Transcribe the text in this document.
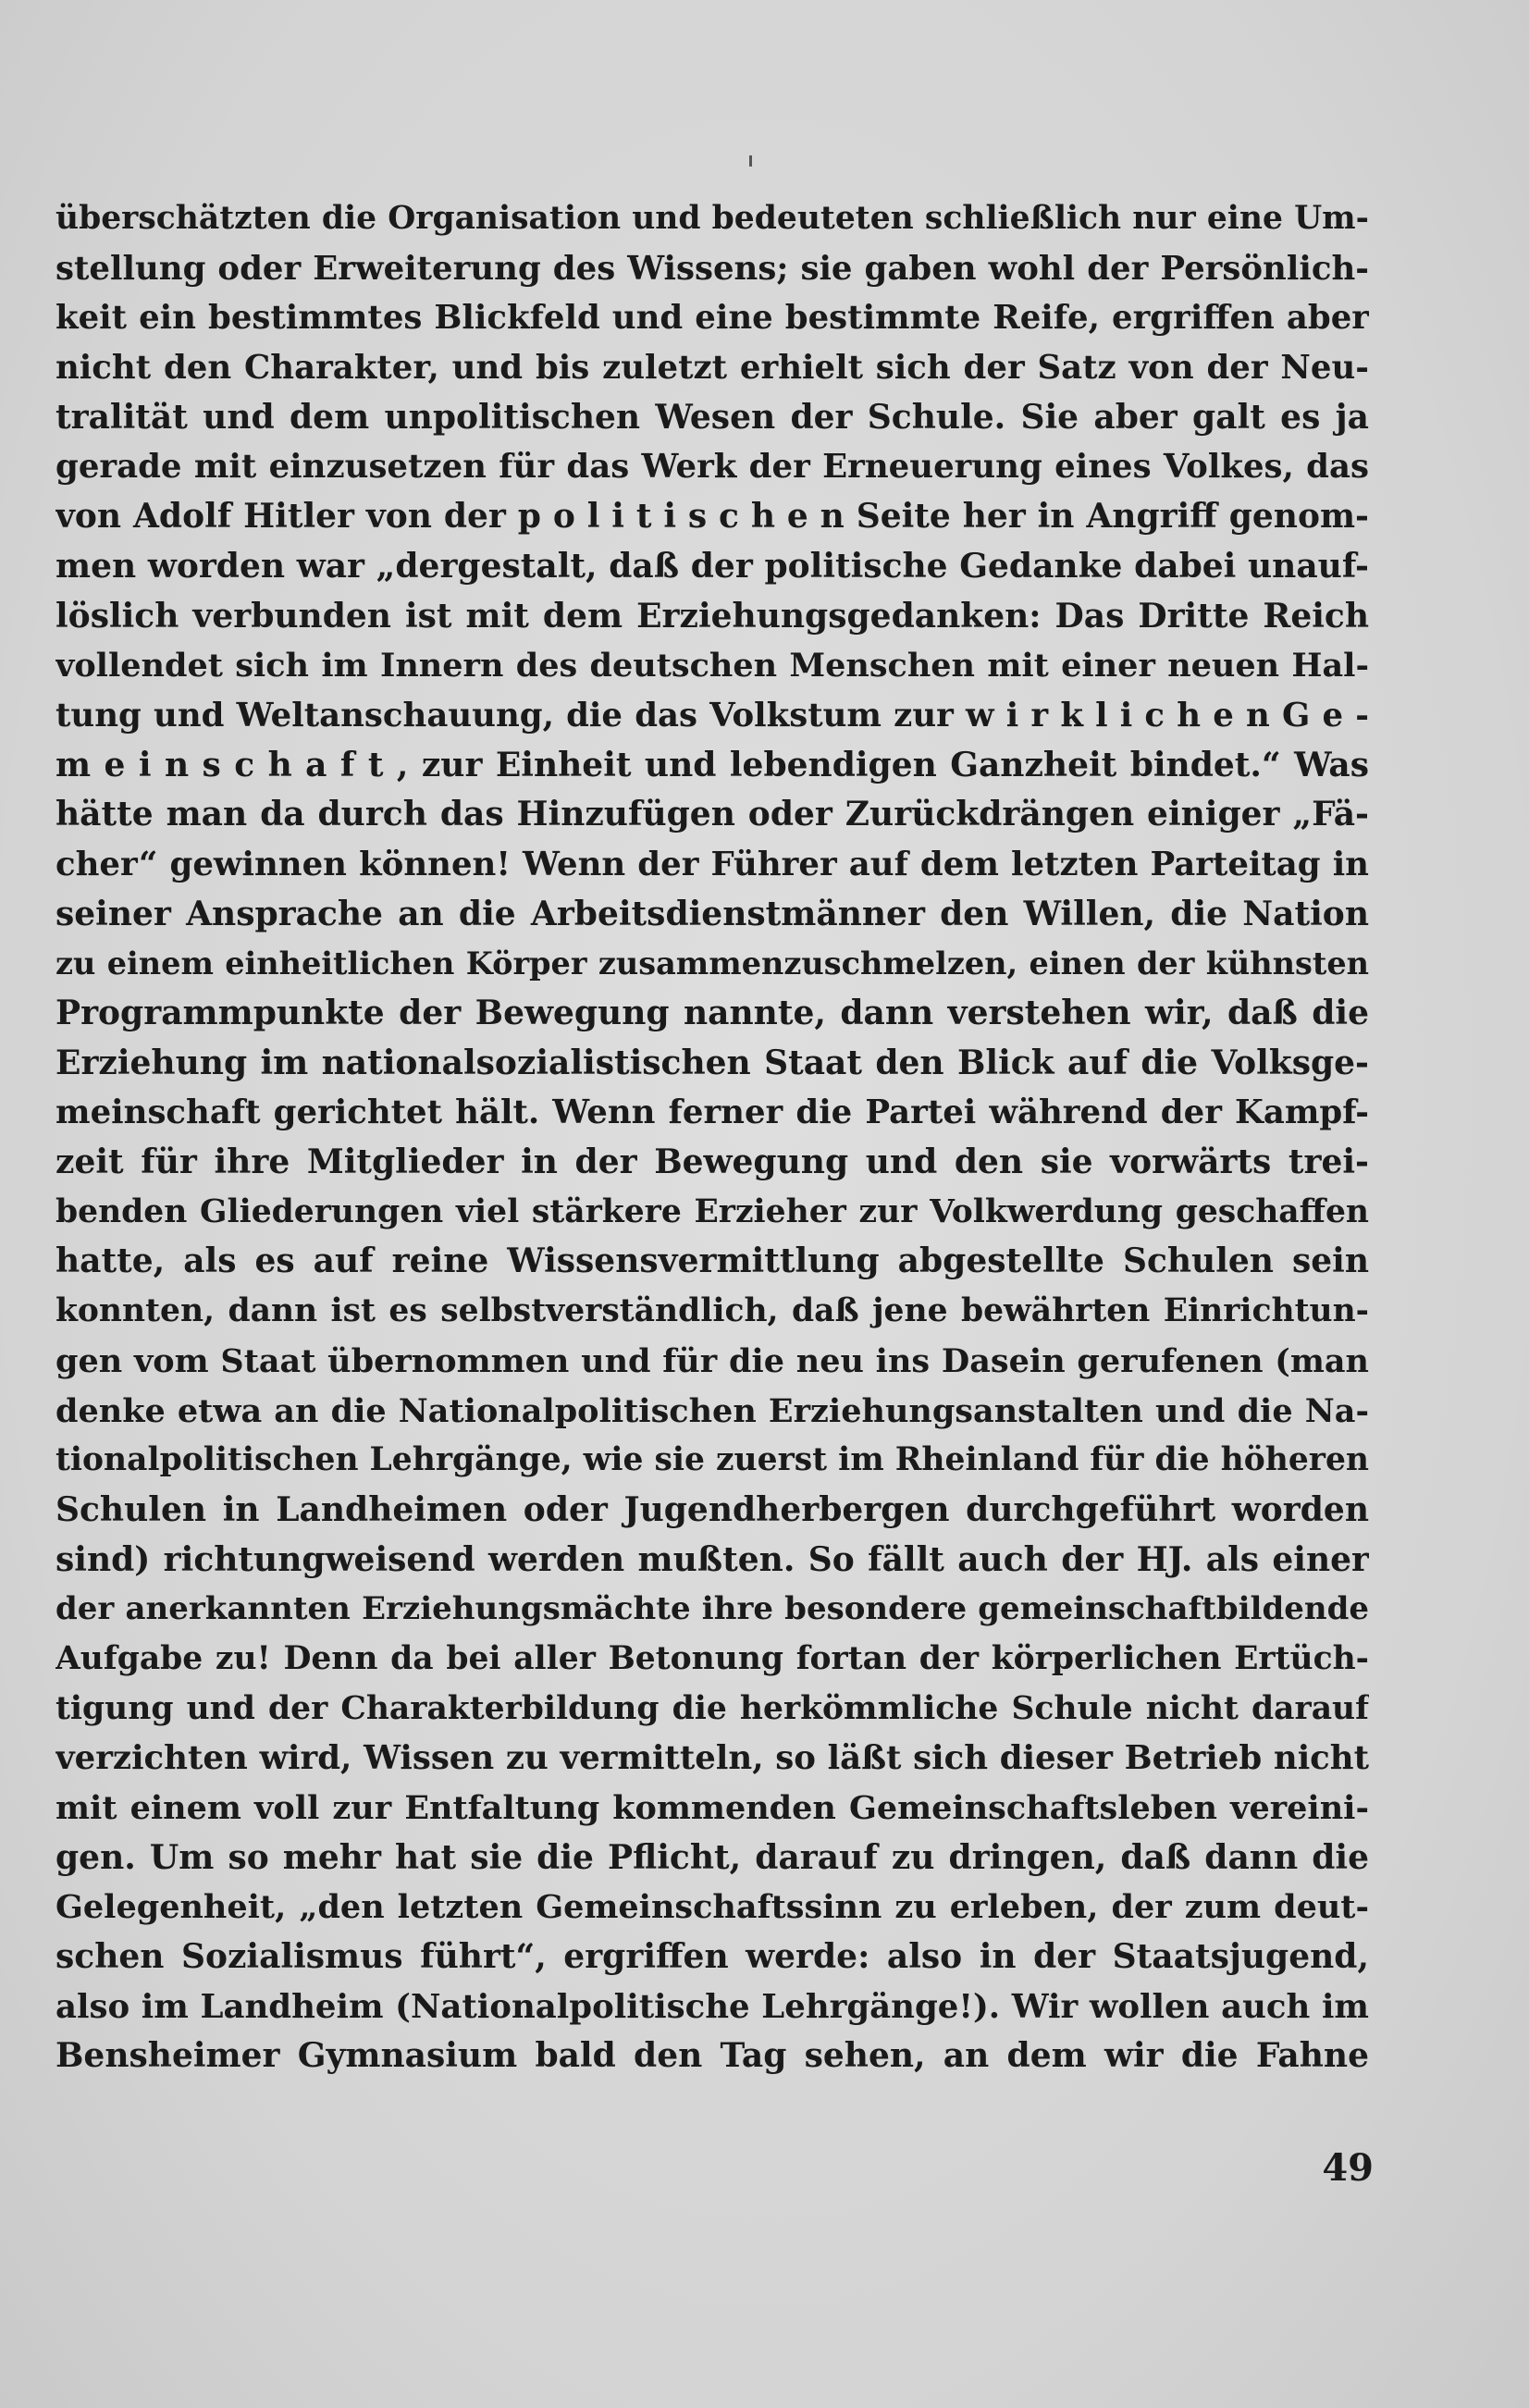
überschätzten die Organisation und bedeuteten schließlich nur eine Um-
stellung oder Erweiterung des Wissens; sie gaben wohl der Persönlich-
keit ein bestimmtes Blickfeld und eine bestimmte Reife, ergriffen aber
nicht den Charakter, und bis zuletzt erhielt sich der Satz von der Neu-
tralität und dem unpolitischen Wesen der Schule. Sie aber galt es ja
gerade mit einzusetzen für das Werk der Erneuerung eines Volkes, das
von Adolf Hitler von der p o l i t i s c h e n Seite her in Angriff genom-
men worden war „dergestalt, daß der politische Gedanke dabei unauf-
löslich verbunden ist mit dem Erziehungsgedanken: Das Dritte Reich
vollendet sich im Innern des deutschen Menschen mit einer neuen Hal-
tung und Weltanschauung, die das Volkstum zur w i r k l i c h e n G e -
m e i n s c h a f t , zur Einheit und lebendigen Ganzheit bindet.“ Was
hätte man da durch das Hinzufügen oder Zurückdrängen einiger „Fä-
cher“ gewinnen können! Wenn der Führer auf dem letzten Parteitag in
seiner Ansprache an die Arbeitsdienstmänner den Willen, die Nation
zu einem einheitlichen Körper zusammenzuschmelzen, einen der kühnsten
Programmpunkte der Bewegung nannte, dann verstehen wir, daß die
Erziehung im nationalsozialistischen Staat den Blick auf die Volksge-
meinschaft gerichtet hält. Wenn ferner die Partei während der Kampf-
zeit für ihre Mitglieder in der Bewegung und den sie vorwärts trei-
benden Gliederungen viel stärkere Erzieher zur Volkwerdung geschaffen
hatte, als es auf reine Wissensvermittlung abgestellte Schulen sein
konnten, dann ist es selbstverständlich, daß jene bewährten Einrichtun-
gen vom Staat übernommen und für die neu ins Dasein gerufenen (man
denke etwa an die Nationalpolitischen Erziehungsanstalten und die Na-
tionalpolitischen Lehrgänge, wie sie zuerst im Rheinland für die höheren
Schulen in Landheimen oder Jugendherbergen durchgeführt worden
sind) richtungweisend werden mußten. So fällt auch der HJ. als einer
der anerkannten Erziehungsmächte ihre besondere gemeinschaftbildende
Aufgabe zu! Denn da bei aller Betonung fortan der körperlichen Ertüch-
tigung und der Charakterbildung die herkömmliche Schule nicht darauf
verzichten wird, Wissen zu vermitteln, so läßt sich dieser Betrieb nicht
mit einem voll zur Entfaltung kommenden Gemeinschaftsleben vereini-
gen. Um so mehr hat sie die Pflicht, darauf zu dringen, daß dann die
Gelegenheit, „den letzten Gemeinschaftssinn zu erleben, der zum deut-
schen Sozialismus führt“, ergriffen werde: also in der Staatsjugend,
also im Landheim (Nationalpolitische Lehrgänge!). Wir wollen auch im
Bensheimer Gymnasium bald den Tag sehen, an dem wir die Fahne
49
